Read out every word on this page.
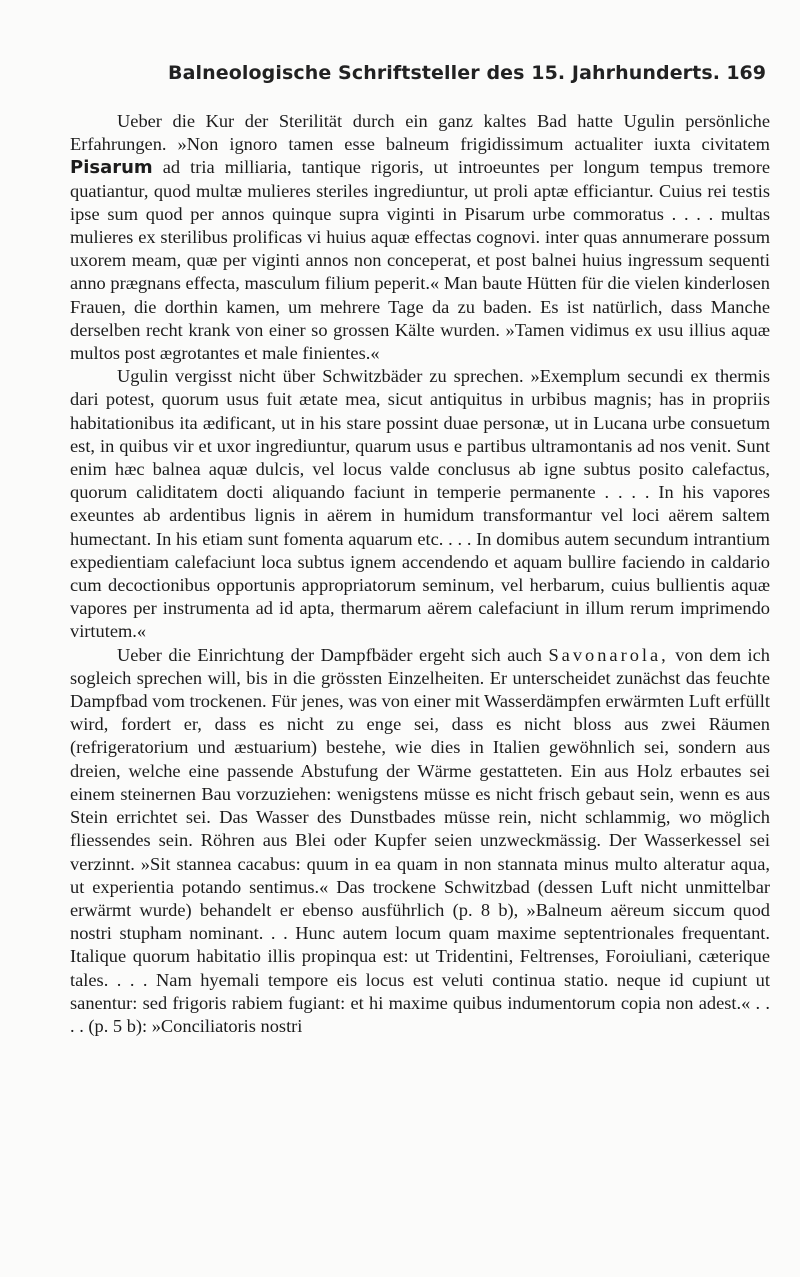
Balneologische Schriftsteller des 15. Jahrhunderts. 169

Ueber die Kur der Sterilität durch ein ganz kaltes Bad hatte Ugulin persönliche Erfahrungen. »Non ignoro tamen esse balneum frigidissimum actualiter iuxta civitatem Pisarum ad tria milliaria, tantique rigoris, ut introeuntes per longum tempus tremore quatiantur, quod multæ mulieres steriles ingrediuntur, ut proli aptæ efficiantur. Cuius rei testis ipse sum quod per annos quinque supra viginti in Pisarum urbe commoratus . . . . multas mulieres ex sterilibus prolificas vi huius aquæ effectas cognovi. inter quas annumerare possum uxorem meam, quæ per viginti annos non conceperat, et post balnei huius ingressum sequenti anno prægnans effecta, masculum filium peperit.« Man baute Hütten für die vielen kinderlosen Frauen, die dorthin kamen, um mehrere Tage da zu baden. Es ist natürlich, dass Manche derselben recht krank von einer so grossen Kälte wurden. »Tamen vidimus ex usu illius aquæ multos post ægrotantes et male finientes.«

Ugulin vergisst nicht über Schwitzbäder zu sprechen. »Exemplum secundi ex thermis dari potest, quorum usus fuit ætate mea, sicut antiquitus in urbibus magnis; has in propriis habitationibus ita ædificant, ut in his stare possint duae personæ, ut in Lucana urbe consuetum est, in quibus vir et uxor ingrediuntur, quarum usus e partibus ultramontanis ad nos venit. Sunt enim hæc balnea aquæ dulcis, vel locus valde conclusus ab igne subtus posito calefactus, quorum caliditatem docti aliquando faciunt in temperie permanente . . . . In his vapores exeuntes ab ardentibus lignis in aërem in humidum transformantur vel loci aërem saltem humectant. In his etiam sunt fomenta aquarum etc. . . . In domibus autem secundum intrantium expedientiam calefaciunt loca subtus ignem accendendo et aquam bullire faciendo in caldario cum decoctionibus opportunis appropriatorum seminum, vel herbarum, cuius bullientis aquæ vapores per instrumenta ad id apta, thermarum aërem calefaciunt in illum rerum imprimendo virtutem.«

Ueber die Einrichtung der Dampfbäder ergeht sich auch Savonarola, von dem ich sogleich sprechen will, bis in die grössten Einzelheiten. Er unterscheidet zunächst das feuchte Dampfbad vom trockenen. Für jenes, was von einer mit Wasserdämpfen erwärmten Luft erfüllt wird, fordert er, dass es nicht zu enge sei, dass es nicht bloss aus zwei Räumen (refrigeratorium und æstuarium) bestehe, wie dies in Italien gewöhnlich sei, sondern aus dreien, welche eine passende Abstufung der Wärme gestatteten. Ein aus Holz erbautes sei einem steinernen Bau vorzuziehen: wenigstens müsse es nicht frisch gebaut sein, wenn es aus Stein errichtet sei. Das Wasser des Dunstbades müsse rein, nicht schlammig, wo möglich fliessendes sein. Röhren aus Blei oder Kupfer seien unzweckmässig. Der Wasserkessel sei verzinnt. »Sit stannea cacabus: quum in ea quam in non stannata minus multo alteratur aqua, ut experientia potando sentimus.« Das trockene Schwitzbad (dessen Luft nicht unmittelbar erwärmt wurde) behandelt er ebenso ausführlich (p. 8 b), »Balneum aëreum siccum quod nostri stupham nominant. . . Hunc autem locum quam maxime septentrionales frequentant. Italique quorum habitatio illis propinqua est: ut Tridentini, Feltrenses, Foroiuliani, cæterique tales. . . . Nam hyemali tempore eis locus est veluti continua statio. neque id cupiunt ut sanentur: sed frigoris rabiem fugiant: et hi maxime quibus indumentorum copia non adest.« . . . . (p. 5 b): »Conciliatoris nostri
